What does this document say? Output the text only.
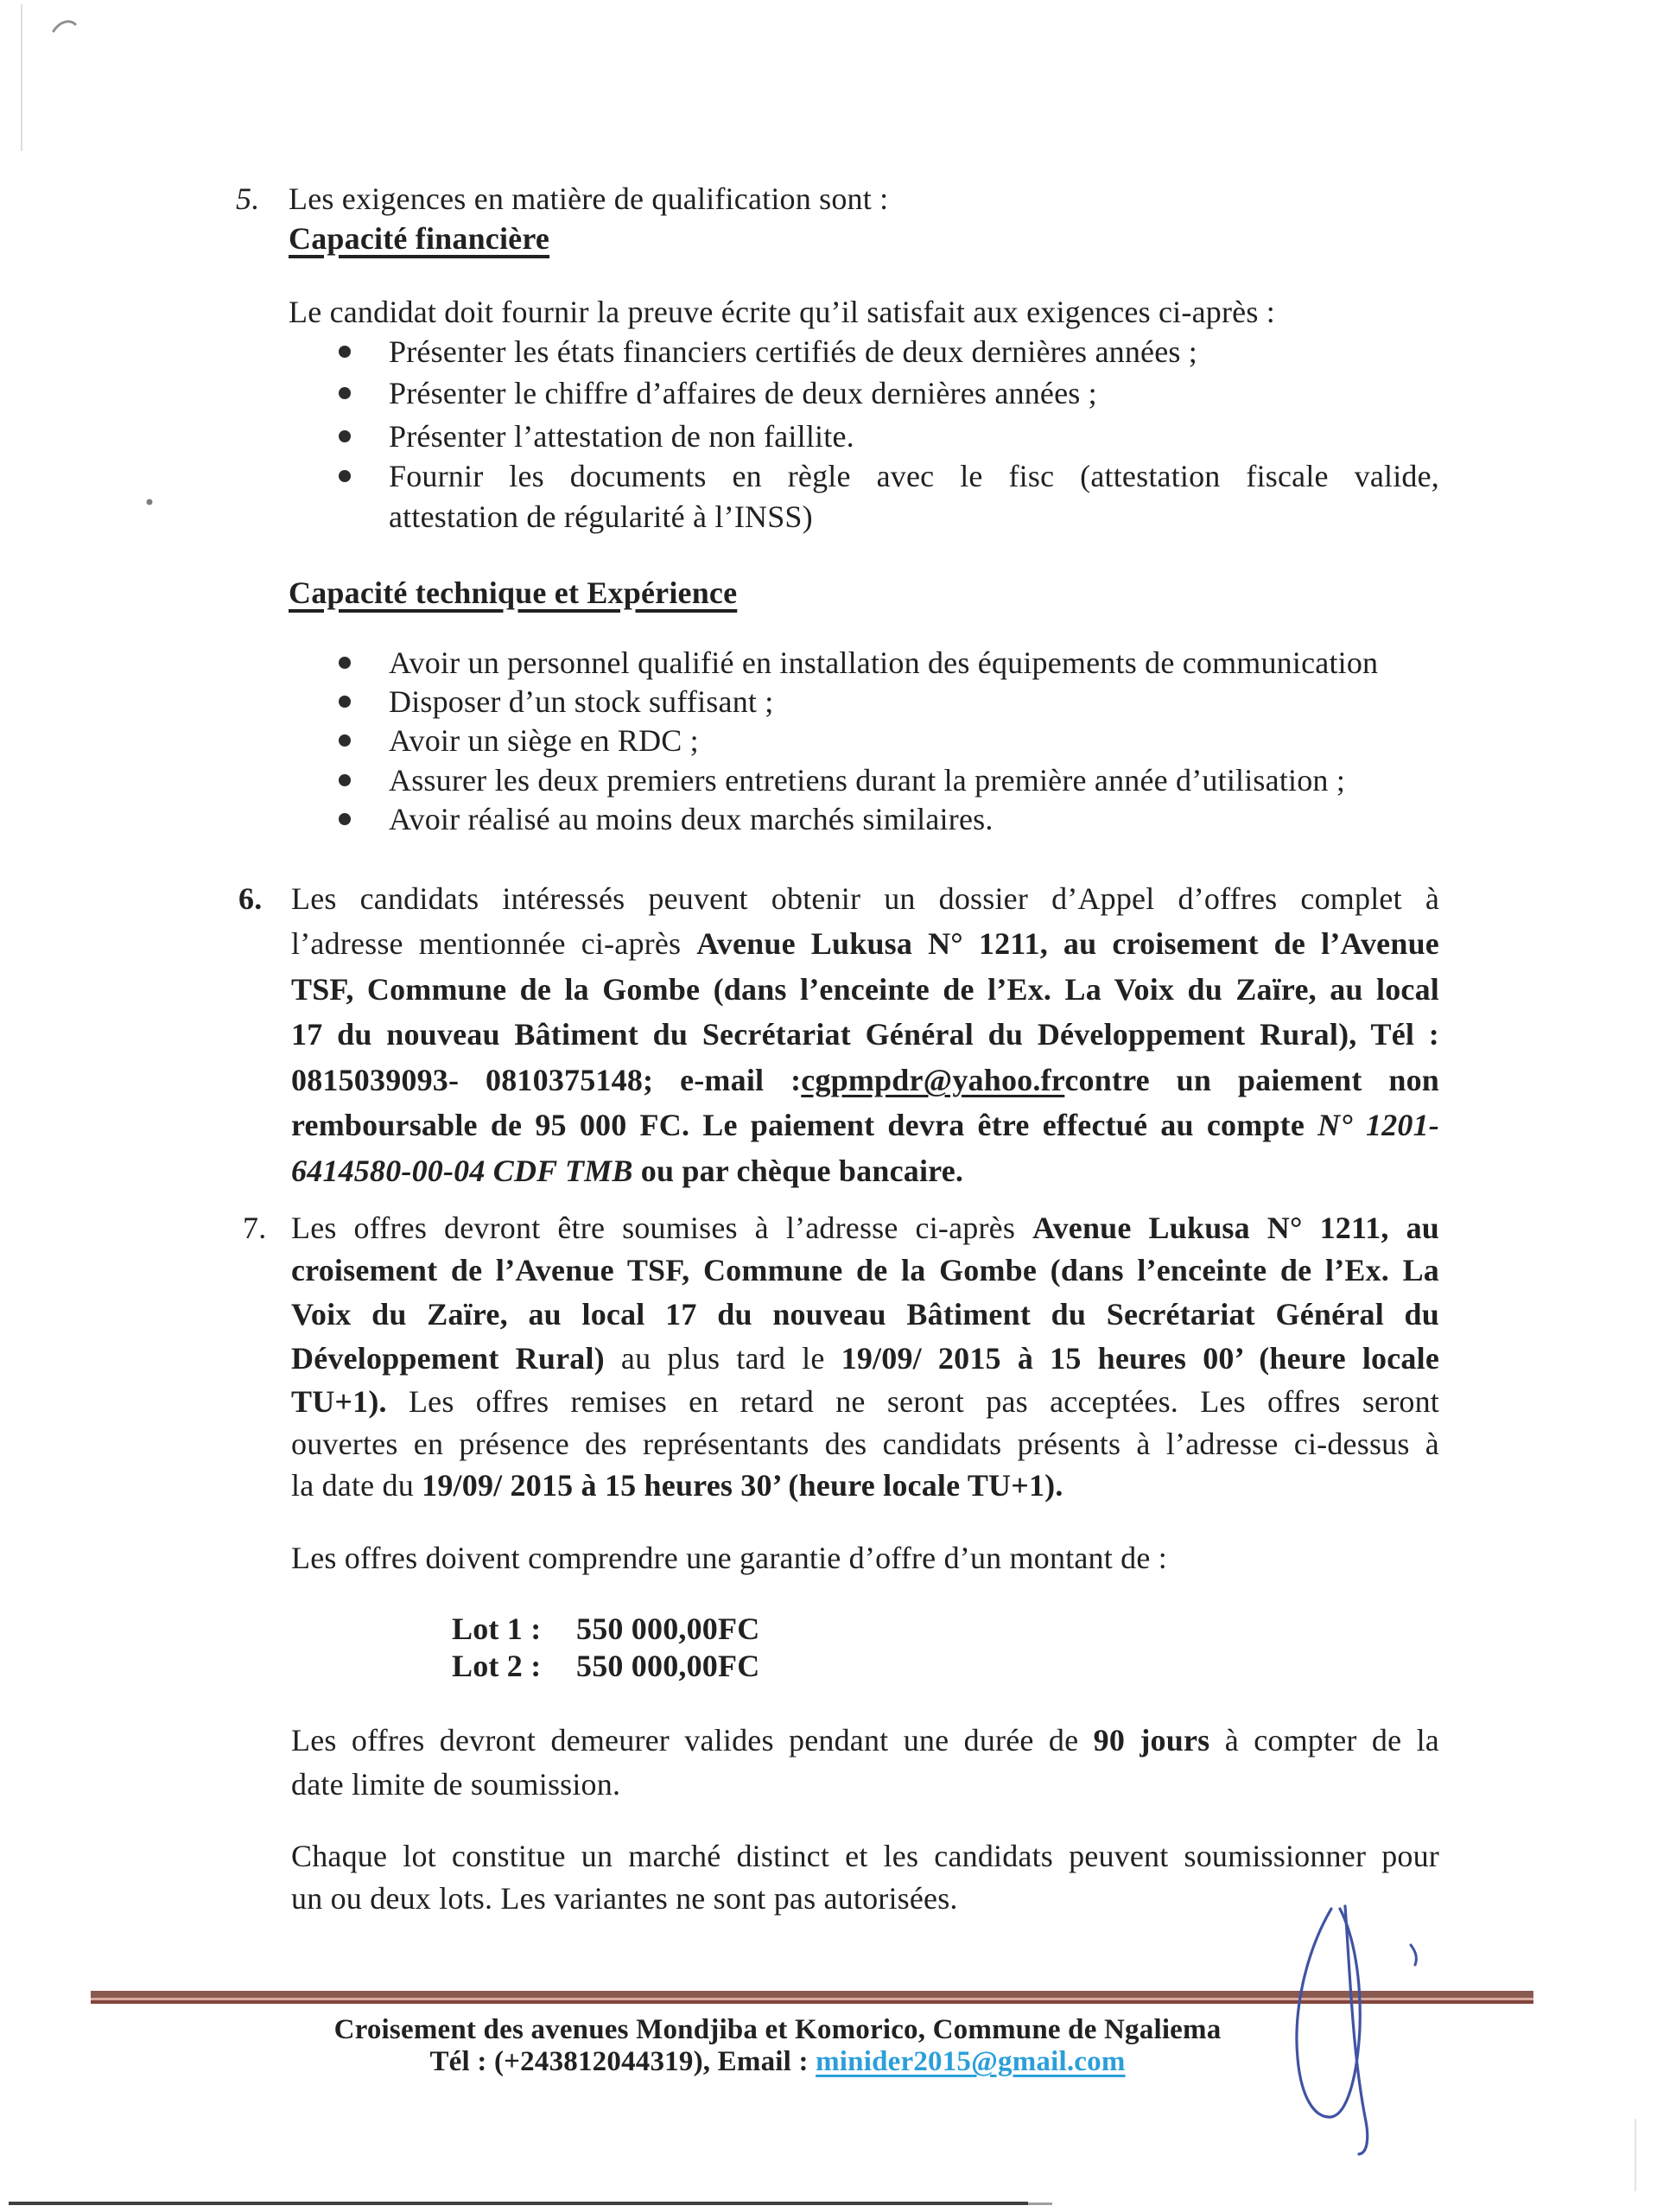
5. Les exigences en matière de qualification sont :
Capacité financière
Le candidat doit fournir la preuve écrite qu’il satisfait aux exigences ci-après :
Présenter les états financiers certifiés de deux dernières années ;
Présenter le chiffre d’affaires de deux dernières années ;
Présenter l’attestation de non faillite.
Fournir les documents en règle avec le fisc (attestation fiscale valide,
attestation de régularité à l’INSS)
Capacité technique et Expérience
Avoir un personnel qualifié en installation des équipements de communication
Disposer d’un stock suffisant ;
Avoir un siège en RDC ;
Assurer les deux premiers entretiens durant la première année d’utilisation ;
Avoir réalisé au moins deux marchés similaires.
6. Les candidats intéressés peuvent obtenir un dossier d’Appel d’offres complet à
l’adresse mentionnée ci-après Avenue Lukusa N° 1211, au croisement de l’Avenue
TSF, Commune de la Gombe (dans l’enceinte de l’Ex. La Voix du Zaïre, au local
17 du nouveau Bâtiment du Secrétariat Général du Développement Rural), Tél :
0815039093- 0810375148; e-mail :cgpmpdr@yahoo.frcontre un paiement non
remboursable de 95 000 FC. Le paiement devra être effectué au compte N° 1201-
6414580-00-04 CDF TMB ou par chèque bancaire.
7. Les offres devront être soumises à l’adresse ci-après Avenue Lukusa N° 1211, au
croisement de l’Avenue TSF, Commune de la Gombe (dans l’enceinte de l’Ex. La
Voix du Zaïre, au local 17 du nouveau Bâtiment du Secrétariat Général du
Développement Rural) au plus tard le 19/09/ 2015 à 15 heures 00’ (heure locale
TU+1). Les offres remises en retard ne seront pas acceptées. Les offres seront
ouvertes en présence des représentants des candidats présents à l’adresse ci-dessus à
la date du 19/09/ 2015 à 15 heures 30’ (heure locale TU+1).
Les offres doivent comprendre une garantie d’offre d’un montant de :
Lot 1 : 550 000,00FC
Lot 2 : 550 000,00FC
Les offres devront demeurer valides pendant une durée de 90 jours à compter de la
date limite de soumission.
Chaque lot constitue un marché distinct et les candidats peuvent soumissionner pour
un ou deux lots. Les variantes ne sont pas autorisées.
Croisement des avenues Mondjiba et Komorico, Commune de Ngaliema
Tél : (+243812044319), Email : minider2015@gmail.com
